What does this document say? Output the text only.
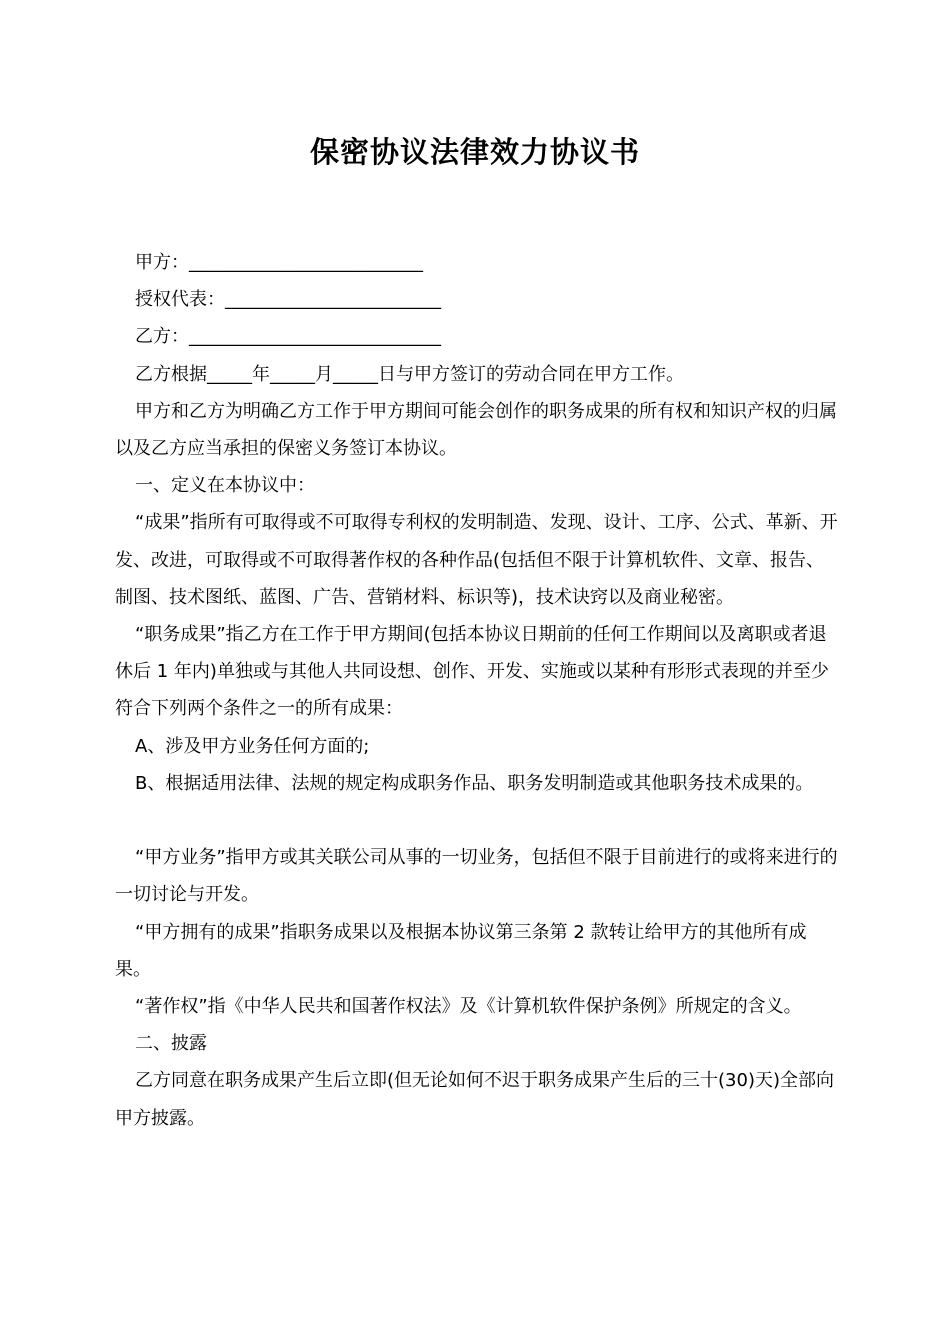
保密协议法律效力协议书
甲方：__________________________
授权代表：________________________
乙方：____________________________

乙方根据_____年_____月_____日与甲方签订的劳动合同在甲方工作。

甲方和乙方为明确乙方工作于甲方期间可能会创作的职务成果的所有权和知识产权的归属以及乙方应当承担的保密义务签订本协议。

一、定义在本协议中：

“成果”指所有可取得或不可取得专利权的发明制造、发现、设计、工序、公式、革新、开发、改进，可取得或不可取得著作权的各种作品(包括但不限于计算机软件、文章、报告、制图、技术图纸、蓝图、广告、营销材料、标识等)，技术诀窍以及商业秘密。

“职务成果”指乙方在工作于甲方期间(包括本协议日期前的任何工作期间以及离职或者退休后 1 年内)单独或与其他人共同设想、创作、开发、实施或以某种有形形式表现的并至少符合下列两个条件之一的所有成果：

A、涉及甲方业务任何方面的;

B、根据适用法律、法规的规定构成职务作品、职务发明制造或其他职务技术成果的。

“甲方业务”指甲方或其关联公司从事的一切业务，包括但不限于目前进行的或将来进行的一切讨论与开发。

“甲方拥有的成果”指职务成果以及根据本协议第三条第 2 款转让给甲方的其他所有成果。

“著作权”指《中华人民共和国著作权法》及《计算机软件保护条例》所规定的含义。

二、披露

乙方同意在职务成果产生后立即(但无论如何不迟于职务成果产生后的三十(30)天)全部向甲方披露。
